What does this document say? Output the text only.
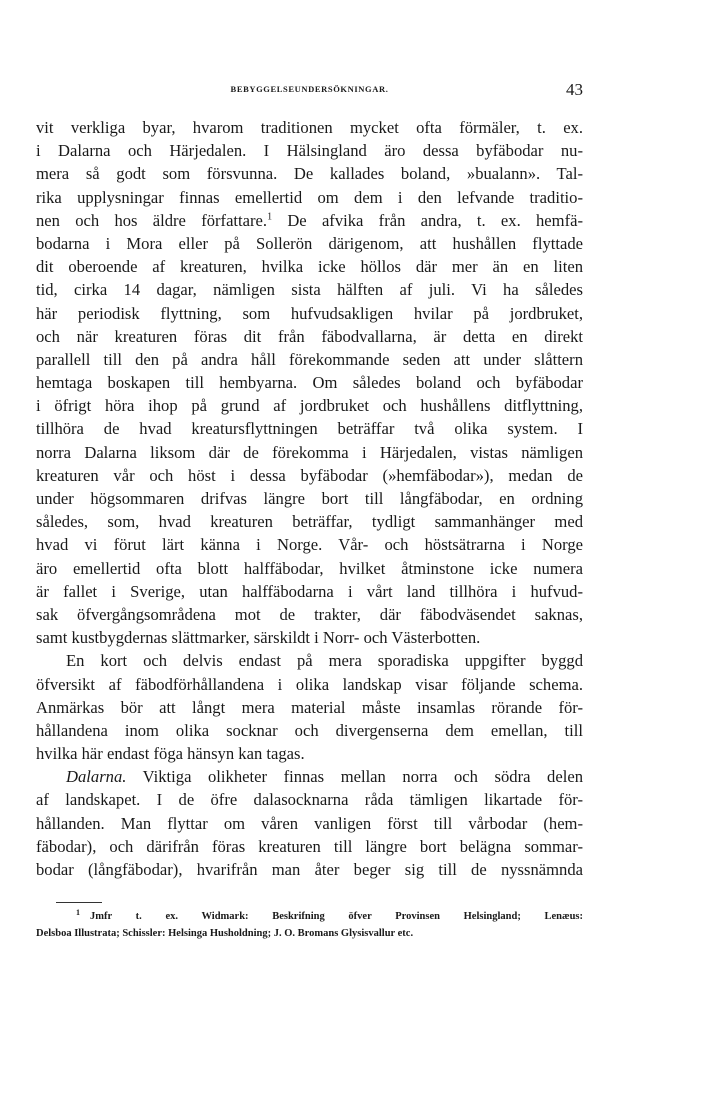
BEBYGGELSEUNDERSÖKNINGAR.	43
vit verkliga byar, hvarom traditionen mycket ofta förmäler, t. ex.
i Dalarna och Härjedalen. I Hälsingland äro dessa byfäbodar nu-
mera så godt som försvunna. De kallades boland, »bualann». Tal-
rika upplysningar finnas emellertid om dem i den lefvande traditio-
nen och hos äldre författare.$^1$ De afvika från andra, t. ex. hemfä-
bodarna i Mora eller på Sollerön därigenom, att hushållen flyttade
dit oberoende af kreaturen, hvilka icke höllos där mer än en liten
tid, cirka 14 dagar, nämligen sista hälften af juli. Vi ha således
här periodisk flyttning, som hufvudsakligen hvilar på jordbruket,
och när kreaturen föras dit från fäbodvallarna, är detta en direkt
parallell till den på andra håll förekommande seden att under slåttern
hemtaga boskapen till hembyarna. Om således boland och byfäbodar
i öfrigt höra ihop på grund af jordbruket och hushållens ditflyttning,
tillhöra de hvad kreatursflyttningen beträffar två olika system. I
norra Dalarna liksom där de förekomma i Härjedalen, vistas nämligen
kreaturen vår och höst i dessa byfäbodar (»hemfäbodar»), medan de
under högsommaren drifvas längre bort till långfäbodar, en ordning
således, som, hvad kreaturen beträffar, tydligt sammanhänger med
hvad vi förut lärt känna i Norge. Vår- och höstsätrarna i Norge
äro emellertid ofta blott halffäbodar, hvilket åtminstone icke numera
är fallet i Sverige, utan halffäbodarna i vårt land tillhöra i hufvud-
sak öfvergångsområdena mot de trakter, där fäbodväsendet saknas,
samt kustbygdernas slättmarker, särskildt i Norr- och Västerbotten.
En kort och delvis endast på mera sporadiska uppgifter byggd
öfversikt af fäbodförhållandena i olika landskap visar följande schema.
Anmärkas bör att långt mera material måste insamlas rörande för-
hållandena inom olika socknar och divergenserna dem emellan, till
hvilka här endast föga hänsyn kan tagas.
Dalarna. Viktiga olikheter finnas mellan norra och södra delen
af landskapet. I de öfre dalasocknarna råda tämligen likartade för-
hållanden. Man flyttar om våren vanligen först till vårbodar (hem-
fäbodar), och därifrån föras kreaturen till längre bort belägna sommar-
bodar (långfäbodar), hvarifrån man åter beger sig till de nyssnämnda
$^1$ Jmfr t. ex. Widmark: Beskrifning öfver Provinsen Helsingland; Lenæus:
Delsboa Illustrata; Schissler: Helsinga Husholdning; J. O. Bromans Glysisvallur etc.
